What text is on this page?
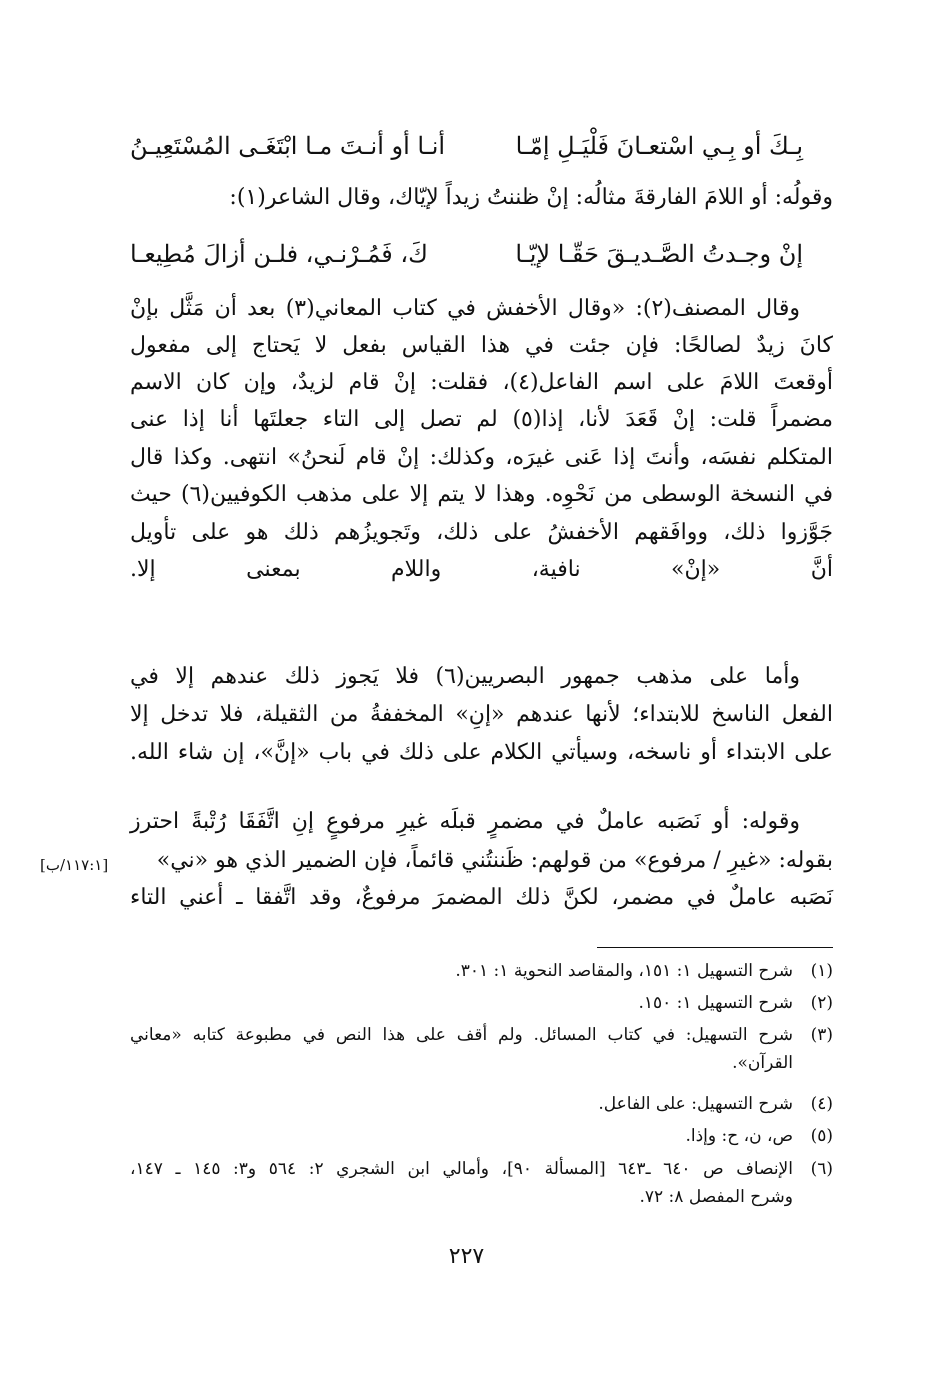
بِـكَ أو بِـي اسْتعـانَ فَلْيَـلِ إمّـا
أنـا أو أنـتَ مـا ابْتَغَـى المُسْتَعِيـنُ
وقولُه: أو اللامَ الفارقةَ مثالُه: إنْ ظننتُ زيداً لإيّاك، وقال الشاعر(١):
إنْ وجـدتُ الصَّـديـقَ حَقّـا لإيّـا
كَ، فَمُـرْنـي، فلـن أزالَ مُطِيعـا
وقال المصنف(٢): «وقال الأخفش في كتاب المعاني(٣) بعد أن مَثَّل بإنْ
كانَ زيدٌ لصالحًا: فإن جئت في هذا القياس بفعل لا يَحتاج إلى مفعول
أوقعتَ اللامَ على اسم الفاعل(٤)، فقلت: إنْ قام لزيدٌ، وإن كان الاسم
مضمراً قلت: إنْ قَعَدَ لأنا، إذا(٥) لم تصل إلى التاء جعلتَها أنا إذا عنى
المتكلم نفسَه، وأنتَ إذا عَنى غيرَه، وكذلك: إنْ قام لَنحنُ» انتهى. وكذا قال
في النسخة الوسطى من نَحْوِه. وهذا لا يتم إلا على مذهب الكوفيين(٦) حيث
جَوَّزوا ذلك، ووافَقهم الأخفشُ على ذلك، وتَجويزُهم ذلك هو على تأويل
أنَّ «إنْ» نافية، واللام بمعنى إلا.
وأما على مذهب جمهور البصريين(٦) فلا يَجوز ذلك عندهم إلا في
الفعل الناسخ للابتداء؛ لأنها عندهم «إنِ» المخففةُ من الثقيلة، فلا تدخل إلا
على الابتداء أو ناسخه، وسيأتي الكلام على ذلك في باب «إنَّ»، إن شاء الله.
وقوله: أو نَصَبه عاملٌ في مضمرٍ قبلَه غيرِ مرفوعٍ إنِ اتَّفَقَا رُتْبةً احترز
بقوله: «غيرِ / مرفوع» من قولهم: ظَننتُني قائماً، فإن الضمير الذي هو «ني»
نَصَبه عاملٌ في مضمر، لكنَّ ذلك المضمرَ مرفوعٌ، وقد اتَّفقا ـ أعني التاء
[١١٧:١/ب]
(١)
شرح التسهيل ١: ١٥١، والمقاصد النحوية ١: ٣٠١.
(٢)
شرح التسهيل ١: ١٥٠.
(٣)
شرح التسهيل: في كتاب المسائل. ولم أقف على هذا النص في مطبوعة كتابه «معاني
القرآن».
(٤)
شرح التسهيل: على الفاعل.
(٥)
ص، ن، ح: وإذا.
(٦)
الإنصاف ص ٦٤٠ ـ٦٤٣ [المسألة ٩٠]، وأمالي ابن الشجري ٢: ٥٦٤ و٣: ١٤٥ ـ ١٤٧،
وشرح المفصل ٨: ٧٢.
٢٢٧
